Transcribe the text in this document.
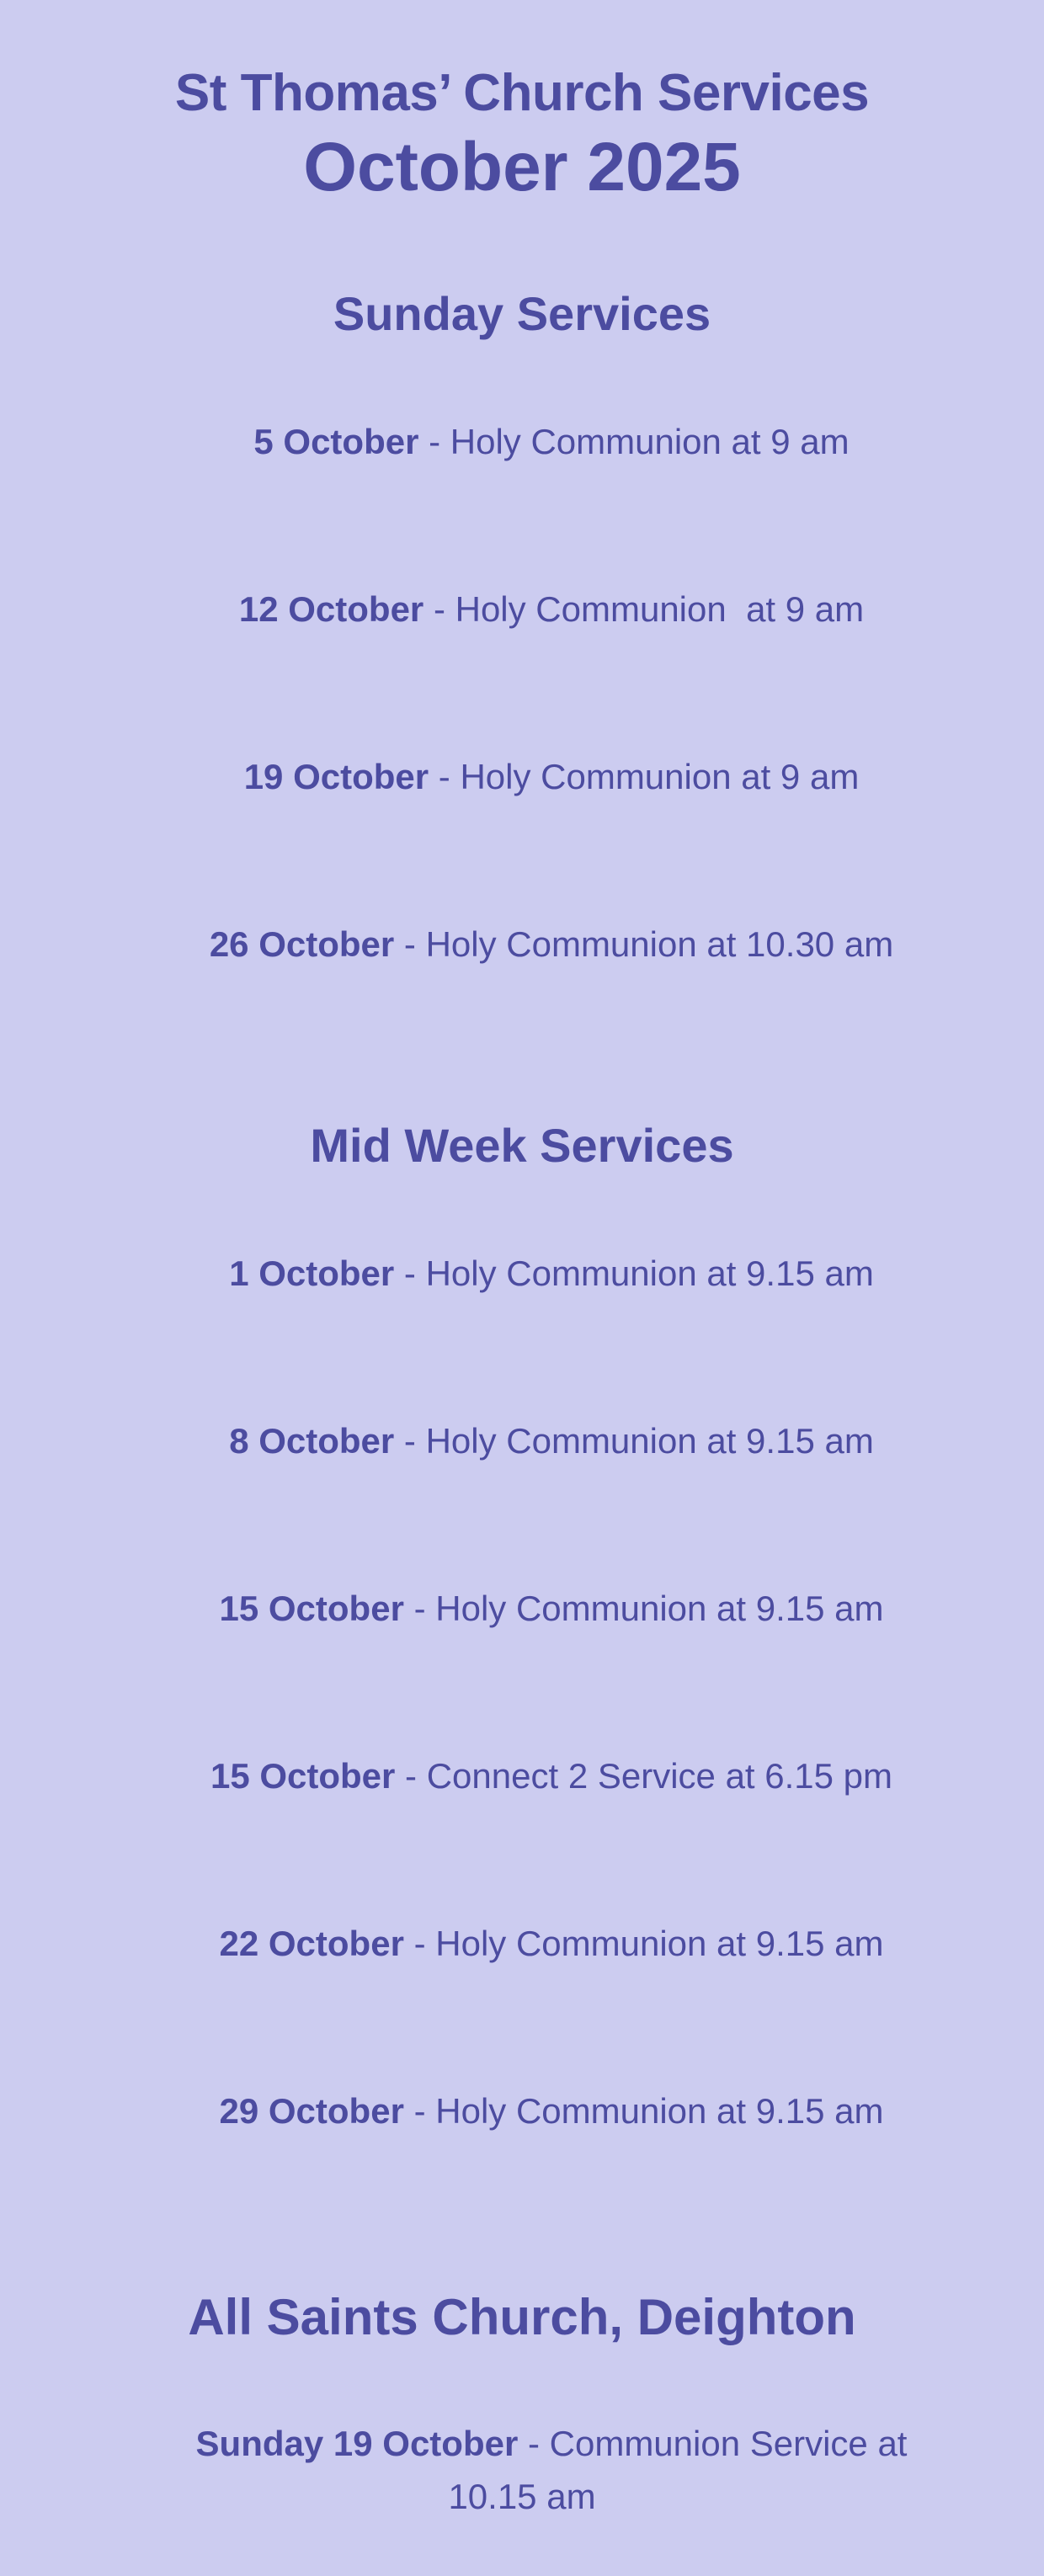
St Thomas’ Church Services
October 2025
Sunday Services

5 October - Holy Communion at 9 am

12 October - Holy Communion  at 9 am

19 October - Holy Communion at 9 am

26 October - Holy Communion at 10.30 am

Mid Week Services

1 October - Holy Communion at 9.15 am

8 October - Holy Communion at 9.15 am

15 October - Holy Communion at 9.15 am

15 October - Connect 2 Service at 6.15 pm

22 October - Holy Communion at 9.15 am

29 October - Holy Communion at 9.15 am

All Saints Church, Deighton

Sunday 19 October - Communion Service at 10.15 am
